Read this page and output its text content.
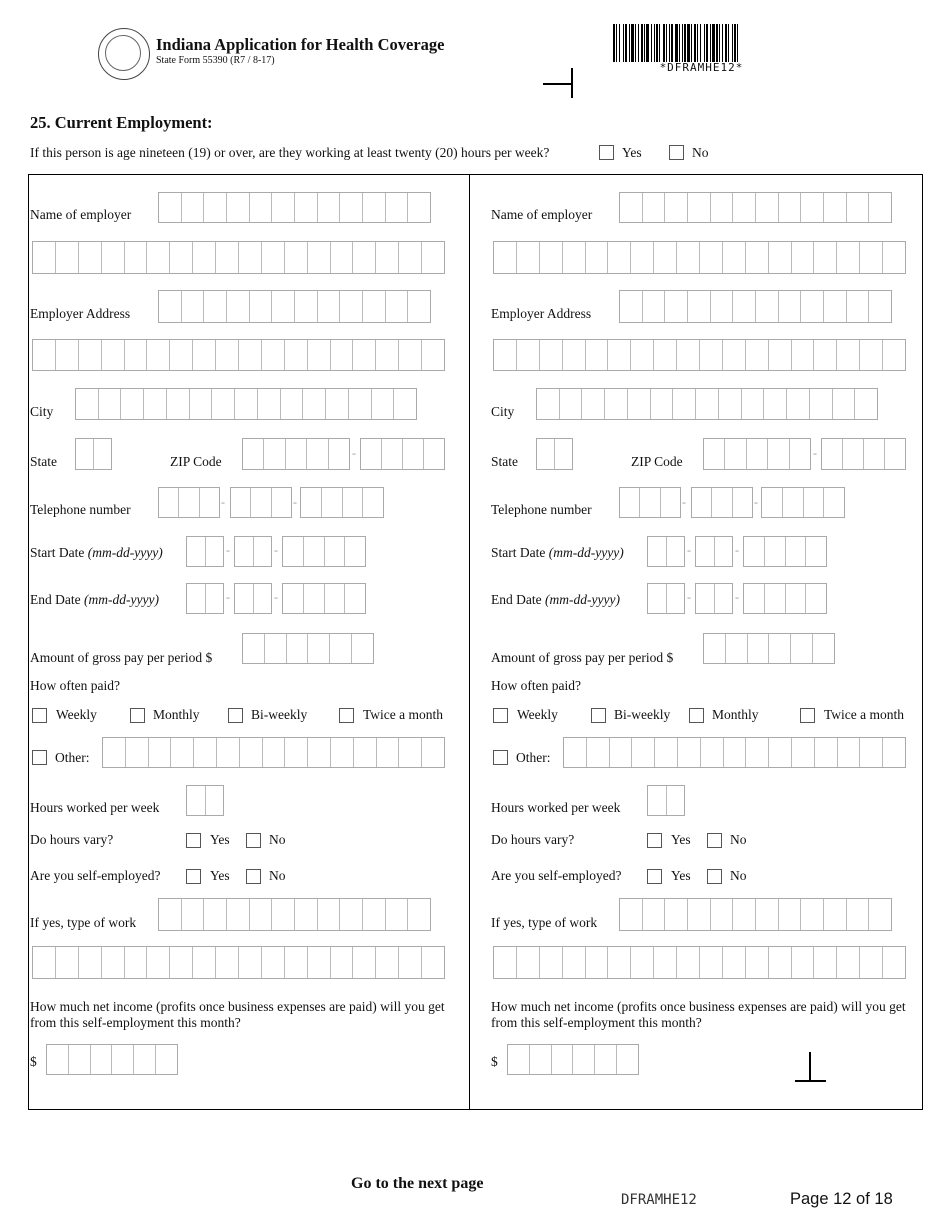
Indiana Application for Health Coverage
State Form 55390 (R7 / 8-17)
*DFRAMHE12*
25. Current Employment:
If this person is age nineteen (19) or over, are they working at least twenty (20) hours per week?	Yes	No
Name of employer
Employer Address
City
State	ZIP Code
-
Telephone number	-	-
Start Date (mm-dd-yyyy)	-	-
End Date (mm-dd-yyyy)	-	-
Amount of gross pay per period $
How often paid?
Weekly	Monthly	Bi-weekly	Twice a month
Other:
Hours worked per week
Do hours vary?	Yes	No
Are you self-employed?	Yes	No
If yes, type of work
How much net income (profits once business expenses are paid) will you get from this self-employment this month?
$
Name of employer
Employer Address
City
State	ZIP Code
-
Telephone number	-	-
Start Date (mm-dd-yyyy)	-	-
End Date (mm-dd-yyyy)	-	-
Amount of gross pay per period $
How often paid?
Weekly	Bi-weekly	Monthly	Twice a month
Other:
Hours worked per week
Do hours vary?	Yes	No
Are you self-employed?	Yes	No
If yes, type of work
How much net income (profits once business expenses are paid) will you get from this self-employment this month?
$
Go to the next page
DFRAMHE12	Page 12 of 18
